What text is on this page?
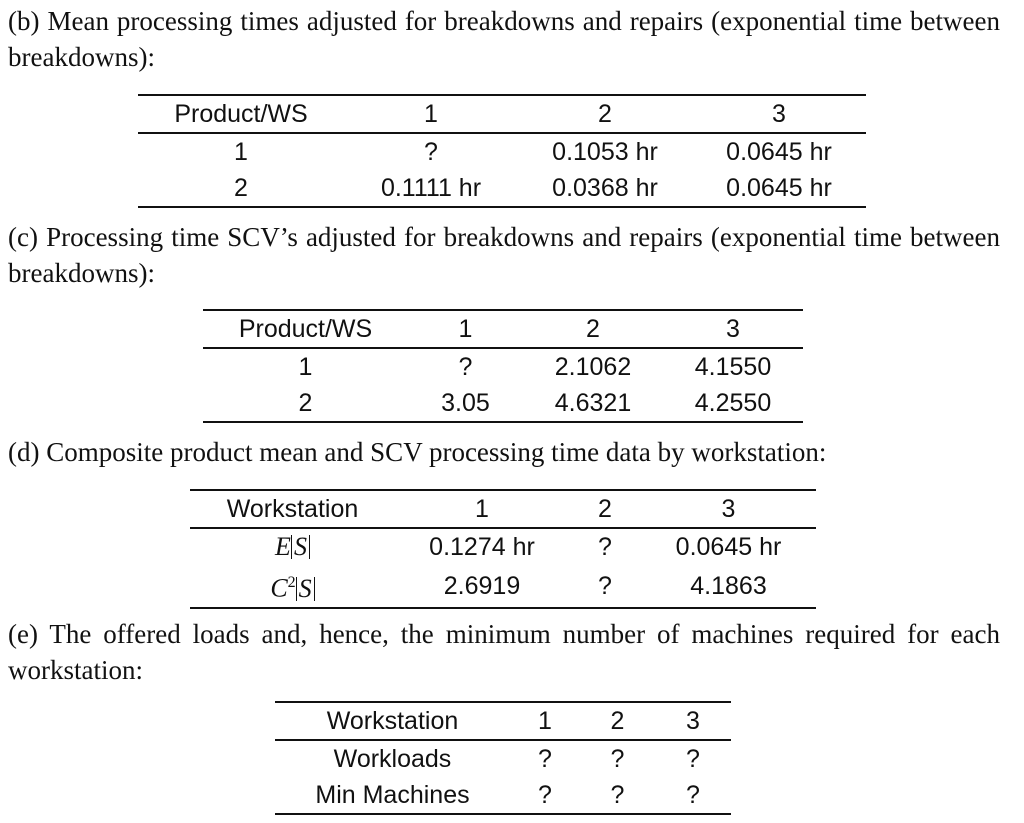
(b) Mean processing times adjusted for breakdowns and repairs (exponential time between breakdowns):

Product/WS	1	2	3
1	?	0.1053 hr	0.0645 hr
2	0.1111 hr	0.0368 hr	0.0645 hr

(c) Processing time SCV’s adjusted for breakdowns and repairs (exponential time between breakdowns):

Product/WS	1	2	3
1	?	2.1062	4.1550
2	3.05	4.6321	4.2550

(d) Composite product mean and SCV processing time data by workstation:

Workstation	1	2	3
E S	0.1274 hr	?	0.0645 hr
$C^2$ S	2.6919	?	4.1863

(e) The offered loads and, hence, the minimum number of machines required for each workstation:

Workstation	1	2	3
Workloads	?	?	?
Min Machines	?	?	?
